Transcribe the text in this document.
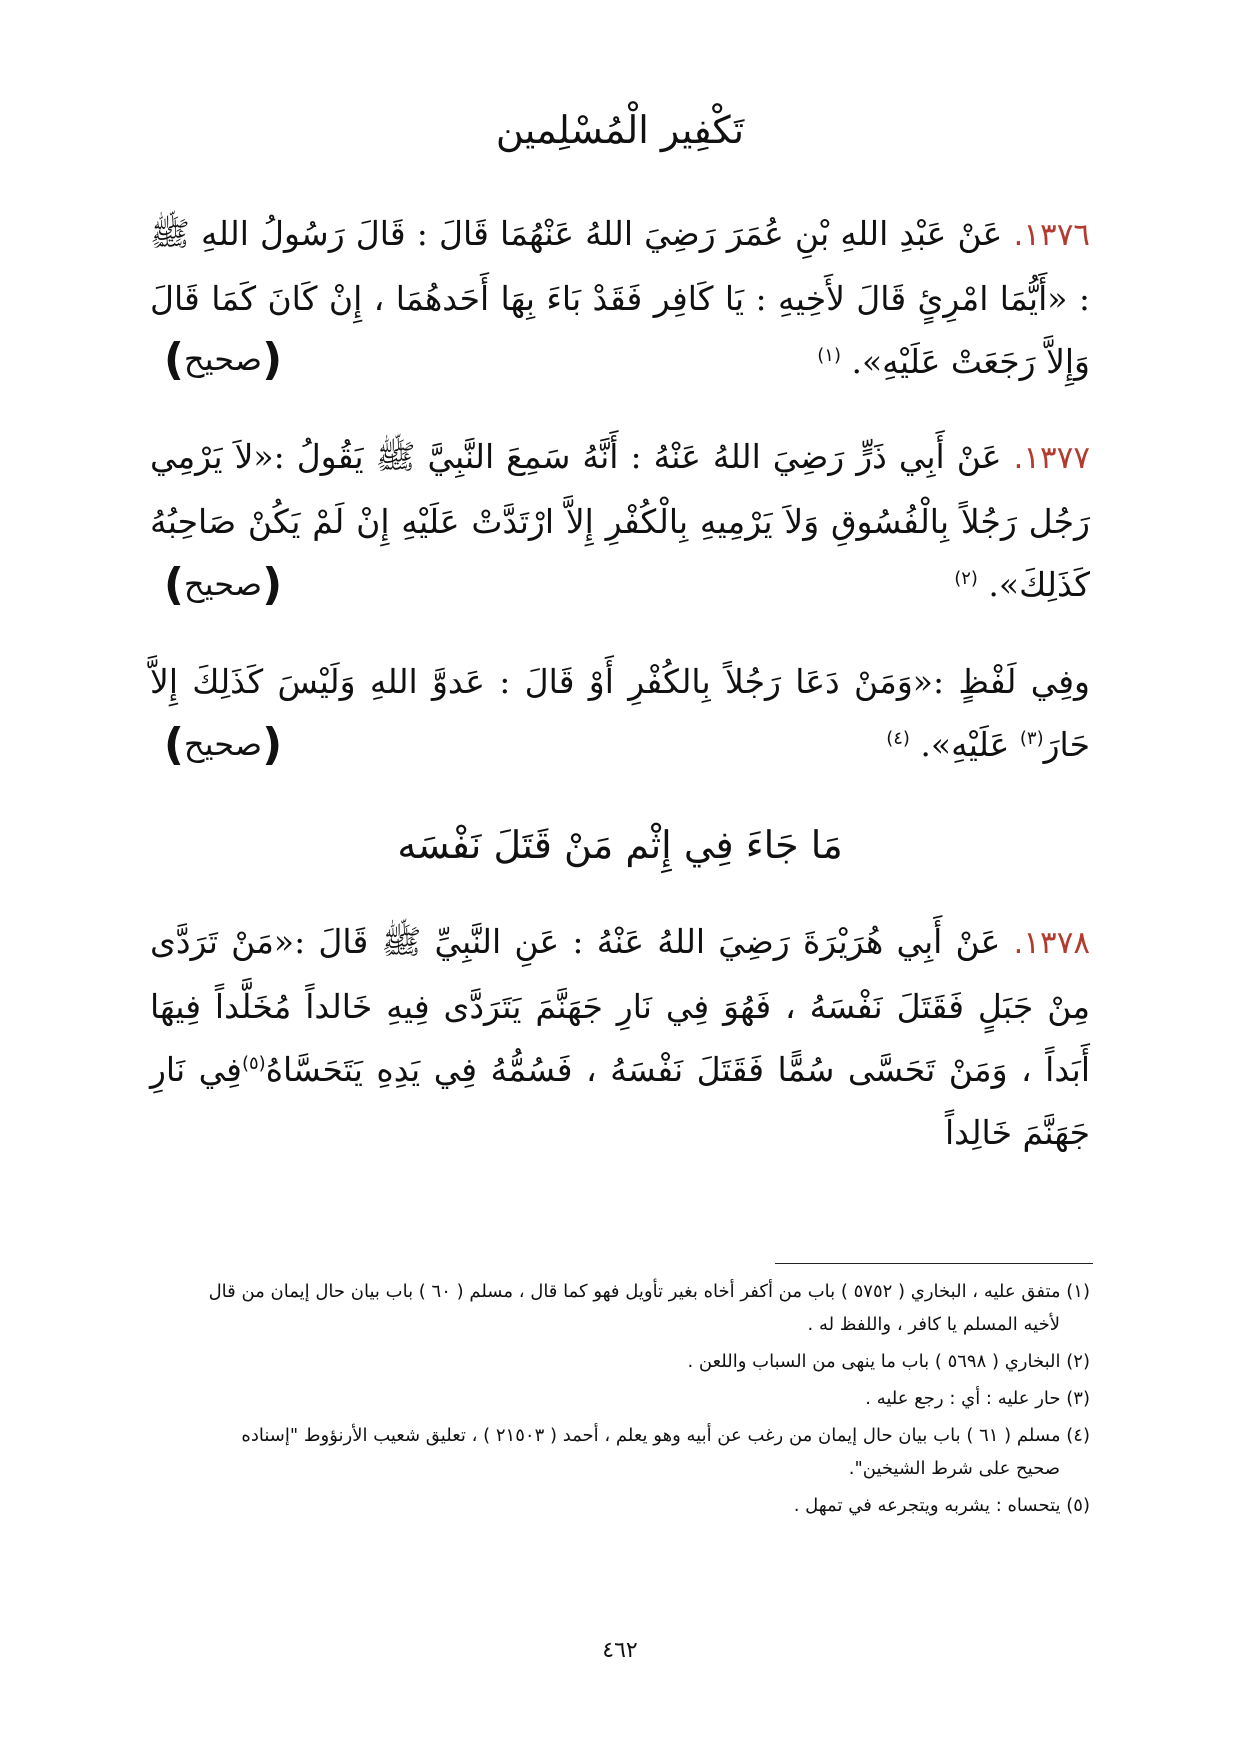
تَكْفِير الْمُسْلِمين
١٣٧٦. عَنْ عَبْدِ اللهِ بْنِ عُمَرَ رَضِيَ اللهُ عَنْهُمَا قَالَ : قَالَ رَسُولُ اللهِ ﷺ : «أَيُّمَا امْرِئٍ قَالَ لأَخِيهِ : يَا كَافِر فَقَدْ بَاءَ بِهَا أَحَدهُمَا ، إِنْ كَانَ كَمَا قَالَ وَإِلاَّ رَجَعَتْ عَلَيْهِ». $^{(١)}$
(صحيح)
١٣٧٧. عَنْ أَبِي ذَرٍّ رَضِيَ اللهُ عَنْهُ : أَنَّهُ سَمِعَ النَّبِيَّ ﷺ يَقُولُ :«لاَ يَرْمِي رَجُل رَجُلاً بِالْفُسُوقِ وَلاَ يَرْمِيهِ بِالْكُفْرِ إِلاَّ ارْتَدَّتْ عَلَيْهِ إِنْ لَمْ يَكُنْ صَاحِبُهُ كَذَلِكَ». $^{(٢)}$
(صحيح)
وفِي لَفْظٍ :«وَمَنْ دَعَا رَجُلاً بِالكُفْرِ أَوْ قَالَ : عَدوَّ اللهِ وَلَيْسَ كَذَلِكَ إِلاَّ حَارَ$^{(٣)}$ عَلَيْهِ». $^{(٤)}$
(صحيح)
مَا جَاءَ فِي إِثْم مَنْ قَتَلَ نَفْسَه
١٣٧٨. عَنْ أَبِي هُرَيْرَةَ رَضِيَ اللهُ عَنْهُ : عَنِ النَّبِيِّ ﷺ قَالَ :«مَنْ تَرَدَّى مِنْ جَبَلٍ فَقَتَلَ نَفْسَهُ ، فَهُوَ فِي نَارِ جَهَنَّمَ يَتَرَدَّى فِيهِ خَالداً مُخَلَّداً فِيهَا أَبَداً ، وَمَنْ تَحَسَّى سُمًّا فَقَتَلَ نَفْسَهُ ، فَسُمُّهُ فِي يَدِهِ يَتَحَسَّاهُ$^{(٥)}$فِي نَارِ جَهَنَّمَ خَالِداً
(١) متفق عليه ، البخاري ( ٥٧٥٢ ) باب من أكفر أخاه بغير تأويل فهو كما قال ، مسلم ( ٦٠ ) باب بيان حال إيمان من قال
لأخيه المسلم يا كافر ، واللفظ له .
(٢) البخاري ( ٥٦٩٨ ) باب ما ينهى من السباب واللعن .
(٣) حار عليه : أي : رجع عليه .
(٤) مسلم ( ٦١ ) باب بيان حال إيمان من رغب عن أبيه وهو يعلم ، أحمد ( ٢١٥٠٣ ) ، تعليق شعيب الأرنؤوط "إسناده
صحيح على شرط الشيخين".
(٥) يتحساه : يشربه ويتجرعه في تمهل .
٤٦٢
